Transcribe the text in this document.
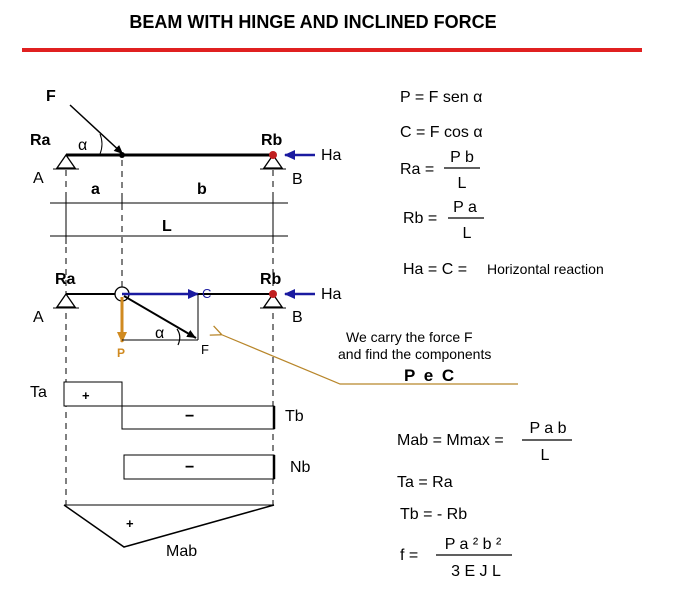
BEAM WITH HINGE AND INCLINED FORCE
F
α
Ra	Rb
A	B
Ha
a	b
L
C
P
α
F
Ra	Rb
A	B
Ha
We carry the force F
and find the components
P e C
+
−
Ta
Tb
−	Nb
+
Mab
P = F sen α
C = F cos α
Ra =
P b
L
Rb =
P a
L
Ha = C = Horizontal reaction
Mab = Mmax =
P a b
L
Ta = Ra
Tb = - Rb
f =
P a ² b ²
3 E J L
